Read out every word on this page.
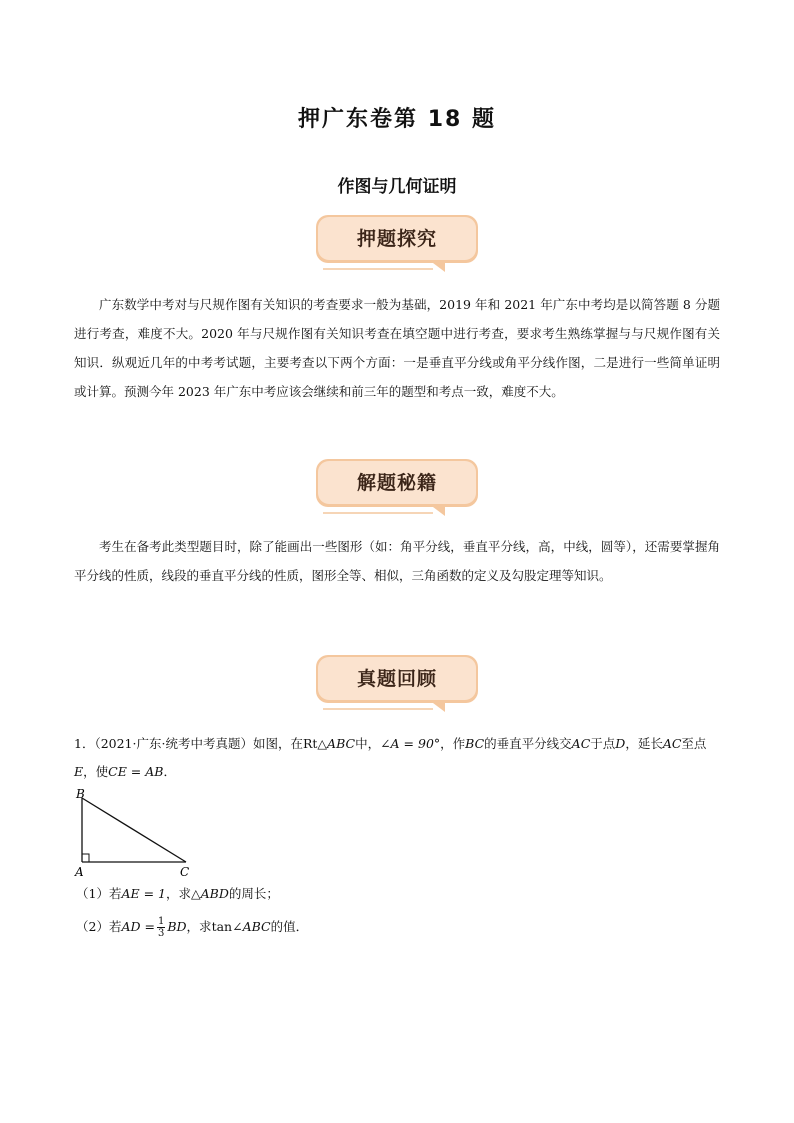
押广东卷第 18 题
作图与几何证明
押题探究
广东数学中考对与尺规作图有关知识的考查要求一般为基础，2019 年和 2021 年广东中考均是以简答题 8 分题进行考查，难度不大。2020 年与尺规作图有关知识考查在填空题中进行考查，要求考生熟练掌握与与尺规作图有关知识．纵观近几年的中考考试题，主要考查以下两个方面：一是垂直平分线或角平分线作图，二是进行一些简单证明或计算。预测今年 2023 年广东中考应该会继续和前三年的题型和考点一致，难度不大。
解题秘籍
考生在备考此类型题目时，除了能画出一些图形（如：角平分线，垂直平分线，高，中线，圆等），还需要掌握角平分线的性质，线段的垂直平分线的性质，图形全等、相似，三角函数的定义及勾股定理等知识。
真题回顾
1．（2021·广东·统考中考真题）如图，在Rt△ABC中，∠A = 90°，作BC的垂直平分线交AC于点D，延长AC至点E，使CE = AB．
B
A	C
（1）若AE = 1，求△ABD的周长；
（2）若AD = $\frac{1}{3}$ BD，求tan∠ABC的值．
